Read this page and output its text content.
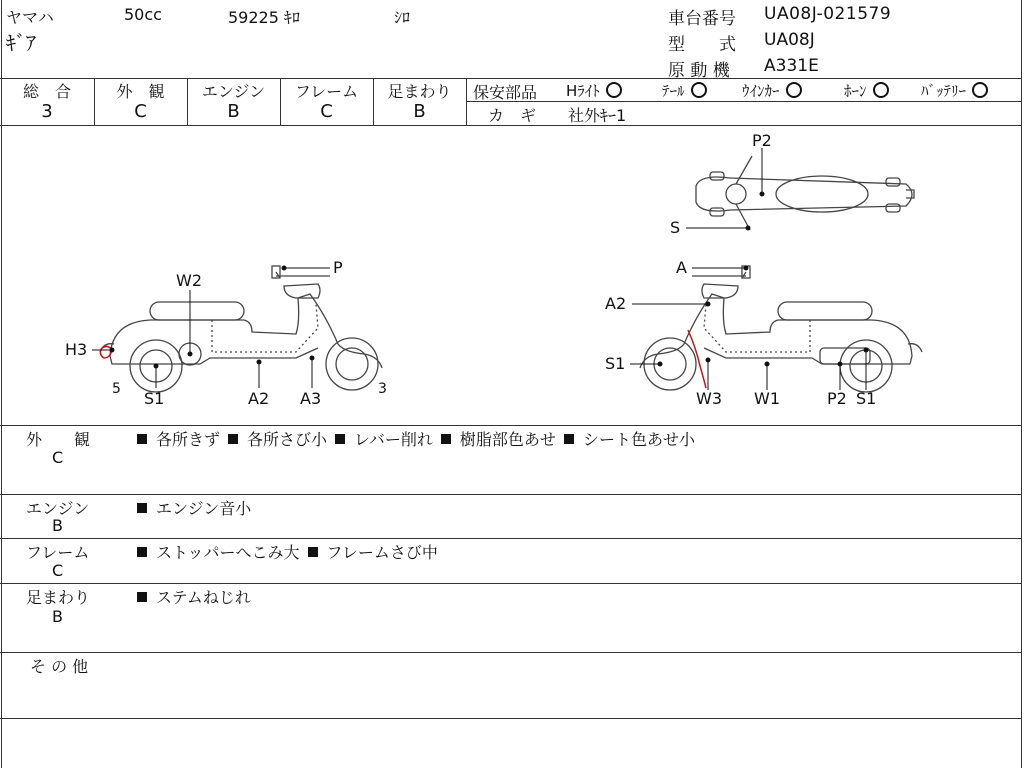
ヤマハ	50cc	59225 ｷﾛ	ｼﾛ
ｷﾞｱ
車台番号 UA08J-021579
型　　式 UA08J
原 動 機 A331E
総　合
3
外　観
C
エンジン
B
フレーム
C
足まわり
B
保安部品 Hﾗｲﾄ	ﾃｰﾙ	ｳｲﾝｶｰ	ﾎｰﾝ	ﾊﾞｯﾃﾘｰ
カ　ギ 社外ｷｰ1
W2
P
H3
5 S1	A2 A3	3
P2
S
A
A2
S1
W3 W1	P2 S1
外　　観
C
各所きず 各所さび小 レバー削れ 樹脂部色あせ シート色あせ小
エンジン
B
エンジン音小
フレーム
C
ストッパーへこみ大 フレームさび中
足まわり
B
ステムねじれ
そ の 他
